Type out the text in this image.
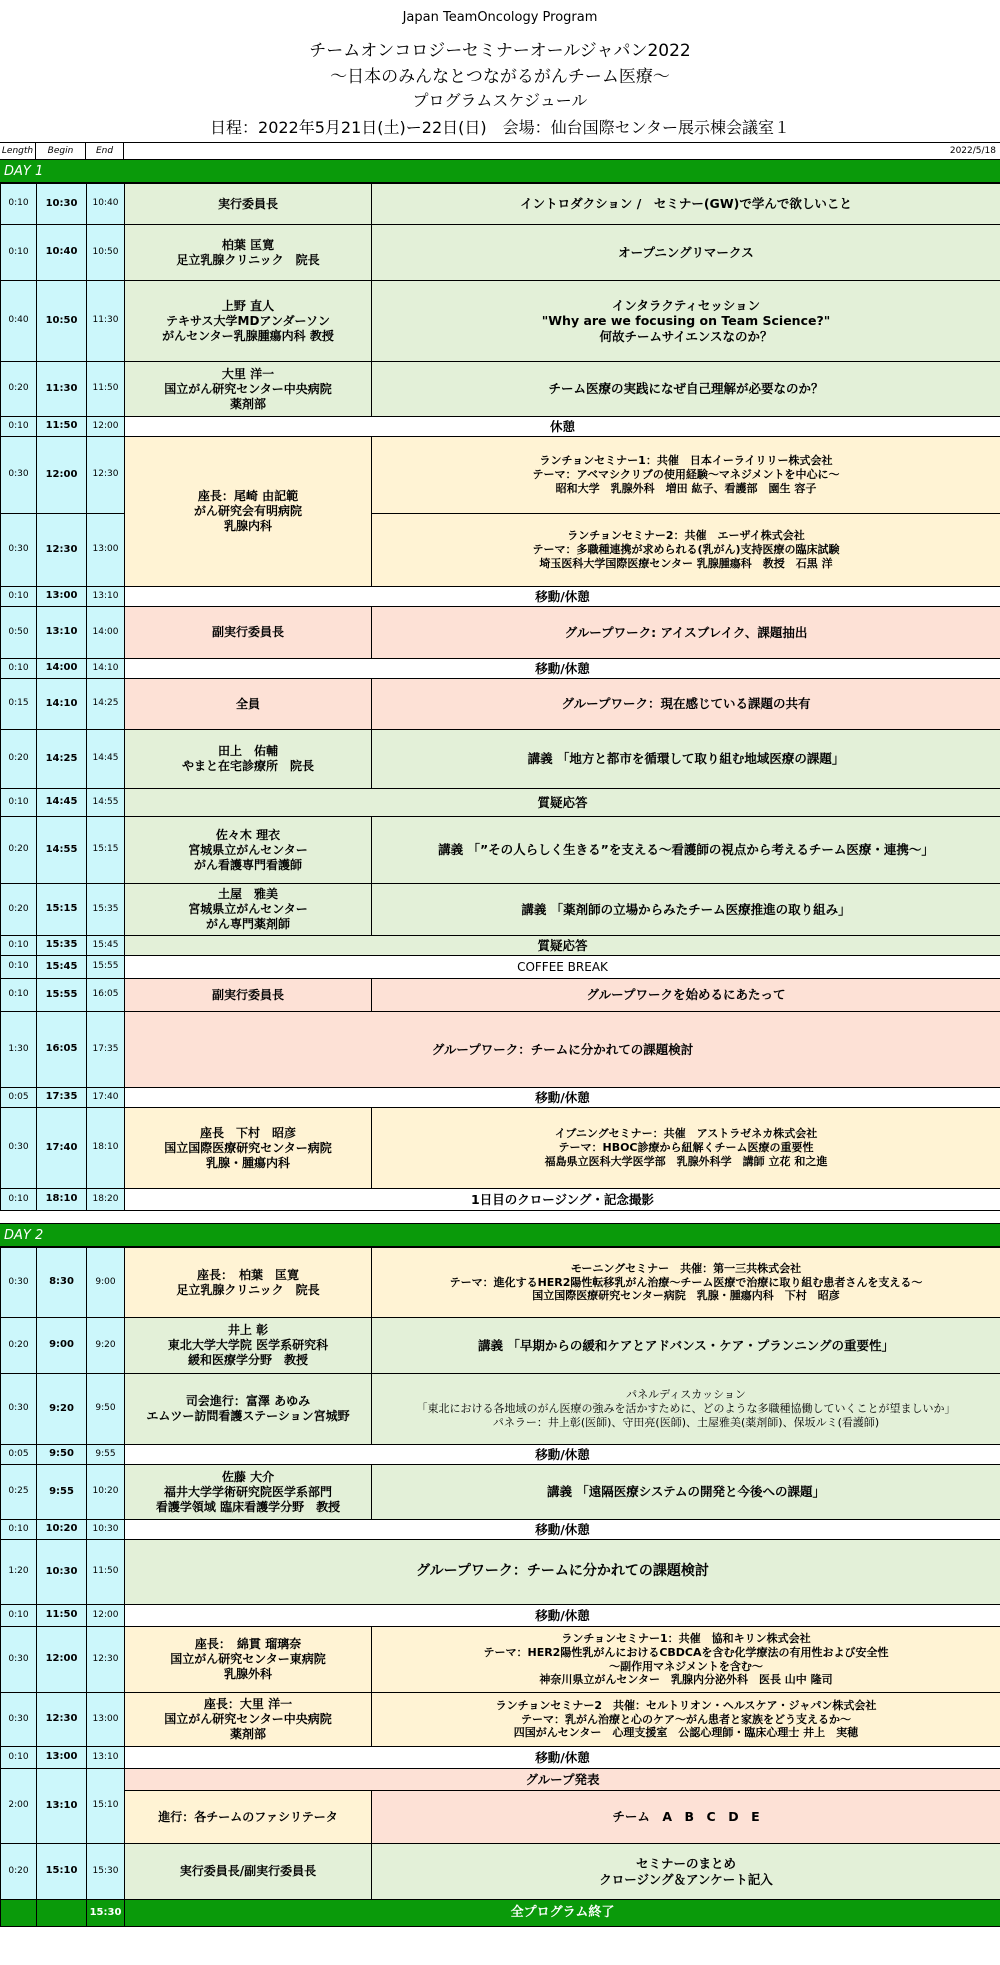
Japan TeamOncology Program
チームオンコロジーセミナーオールジャパン2022
〜日本のみんなとつながるがんチーム医療〜
プログラムスケジュール
日程：2022年5月21日(土)ー22日(日)　会場：仙台国際センター展示棟会議室１
Length	Begin	End	2022/5/18
DAY 1
0:10	10:30	10:40	実行委員長	イントロダクション /　セミナー(GW)で学んで欲しいこと
0:10	10:40	10:50	柏葉 匡寛
足立乳腺クリニック　院長	オープニングリマークス
0:40	10:50	11:30	上野 直人
テキサス大学MDアンダーソン
がんセンター乳腺腫瘍内科 教授	インタラクティセッション
"Why are we focusing on Team Science?"
何故チームサイエンスなのか？
0:20	11:30	11:50	大里 洋一
国立がん研究センター中央病院
薬剤部	チーム医療の実践になぜ自己理解が必要なのか？
0:10	11:50	12:00	休憩	
0:30	12:00	12:30	座長：尾崎 由記範
がん研究会有明病院
乳腺内科	ランチョンセミナー1：共催　日本イーライリリー株式会社
テーマ：アベマシクリブの使用経験〜マネジメントを中心に〜
昭和大学　乳腺外科　増田 紘子、看護部　園生 容子
0:30	12:30	13:00		ランチョンセミナー2：共催　エーザイ株式会社
テーマ：多職種連携が求められる(乳がん)支持医療の臨床試験
埼玉医科大学国際医療センター 乳腺腫瘍科　教授　石黒 洋
0:10	13:00	13:10	移動/休憩	
0:50	13:10	14:00	副実行委員長	グループワーク: アイスブレイク、課題抽出
0:10	14:00	14:10	移動/休憩	
0:15	14:10	14:25	全員	グループワーク：現在感じている課題の共有
0:20	14:25	14:45	田上　佑輔
やまと在宅診療所　院長	講義 「地方と都市を循環して取り組む地域医療の課題」
0:10	14:45	14:55	質疑応答	
0:20	14:55	15:15	佐々木 理衣
宮城県立がんセンター
がん看護専門看護師	講義 「”その人らしく生きる”を支える〜看護師の視点から考えるチーム医療・連携〜」
0:20	15:15	15:35	土屋　雅美
宮城県立がんセンター
がん専門薬剤師	講義 「薬剤師の立場からみたチーム医療推進の取り組み」
0:10	15:35	15:45	質疑応答	
0:10	15:45	15:55	COFFEE BREAK	
0:10	15:55	16:05	副実行委員長	グループワークを始めるにあたって
1:30	16:05	17:35	グループワーク：チームに分かれての課題検討	
0:05	17:35	17:40	移動/休憩	
0:30	17:40	18:10	座長　下村　昭彦
国立国際医療研究センター病院
乳腺・腫瘍内科	イブニングセミナー：共催　アストラゼネカ株式会社
テーマ：HBOC診療から紐解くチーム医療の重要性
福島県立医科大学医学部　乳腺外科学　講師 立花 和之進
0:10	18:10	18:20	1日目のクロージング・記念撮影	
DAY 2
0:30	8:30	9:00	座長：　柏葉　匡寛
足立乳腺クリニック　院長	モーニングセミナー　共催：第一三共株式会社
テーマ：進化するHER2陽性転移乳がん治療〜チーム医療で治療に取り組む患者さんを支える〜
国立国際医療研究センター病院　乳腺・腫瘍内科　下村　昭彦
0:20	9:00	9:20	井上 彰
東北大学大学院 医学系研究科
緩和医療学分野　教授	講義 「早期からの緩和ケアとアドバンス・ケア・プランニングの重要性」
0:30	9:20	9:50	司会進行：富澤 あゆみ
エムツー訪問看護ステーション宮城野	パネルディスカッション
「東北における各地域のがん医療の強みを活かすために、どのような多職種協働していくことが望ましいか」
パネラー：井上彰(医師)、守田亮(医師)、土屋雅美(薬剤師)、保坂ルミ(看護師)
0:05	9:50	9:55	移動/休憩	
0:25	9:55	10:20	佐藤 大介
福井大学学術研究院医学系部門
看護学領域 臨床看護学分野　教授	講義 「遠隔医療システムの開発と今後への課題」
0:10	10:20	10:30	移動/休憩	
1:20	10:30	11:50	グループワーク：チームに分かれての課題検討	
0:10	11:50	12:00	移動/休憩	
0:30	12:00	12:30	座長：　綿貫 瑠璃奈
国立がん研究センター東病院
乳腺外科	ランチョンセミナー1：共催　協和キリン株式会社
テーマ：HER2陽性乳がんにおけるCBDCAを含む化学療法の有用性および安全性
〜副作用マネジメントを含む〜
神奈川県立がんセンター　乳腺内分泌外科　医長 山中 隆司
0:30	12:30	13:00	座長：大里 洋一
国立がん研究センター中央病院
薬剤部	ランチョンセミナー2　共催：セルトリオン・ヘルスケア・ジャパン株式会社
テーマ：乳がん治療と心のケア〜がん患者と家族をどう支えるか〜
四国がんセンター　心理支援室　公認心理師・臨床心理士 井上　実穂
0:10	13:00	13:10	移動/休憩	
2:00	13:10	15:10	グループ発表	
			進行：各チームのファシリテータ	チーム　A　B　C　D　E
0:20	15:10	15:30	実行委員長/副実行委員長	セミナーのまとめ
クロージング＆アンケート記入
		15:30	全プログラム終了	
